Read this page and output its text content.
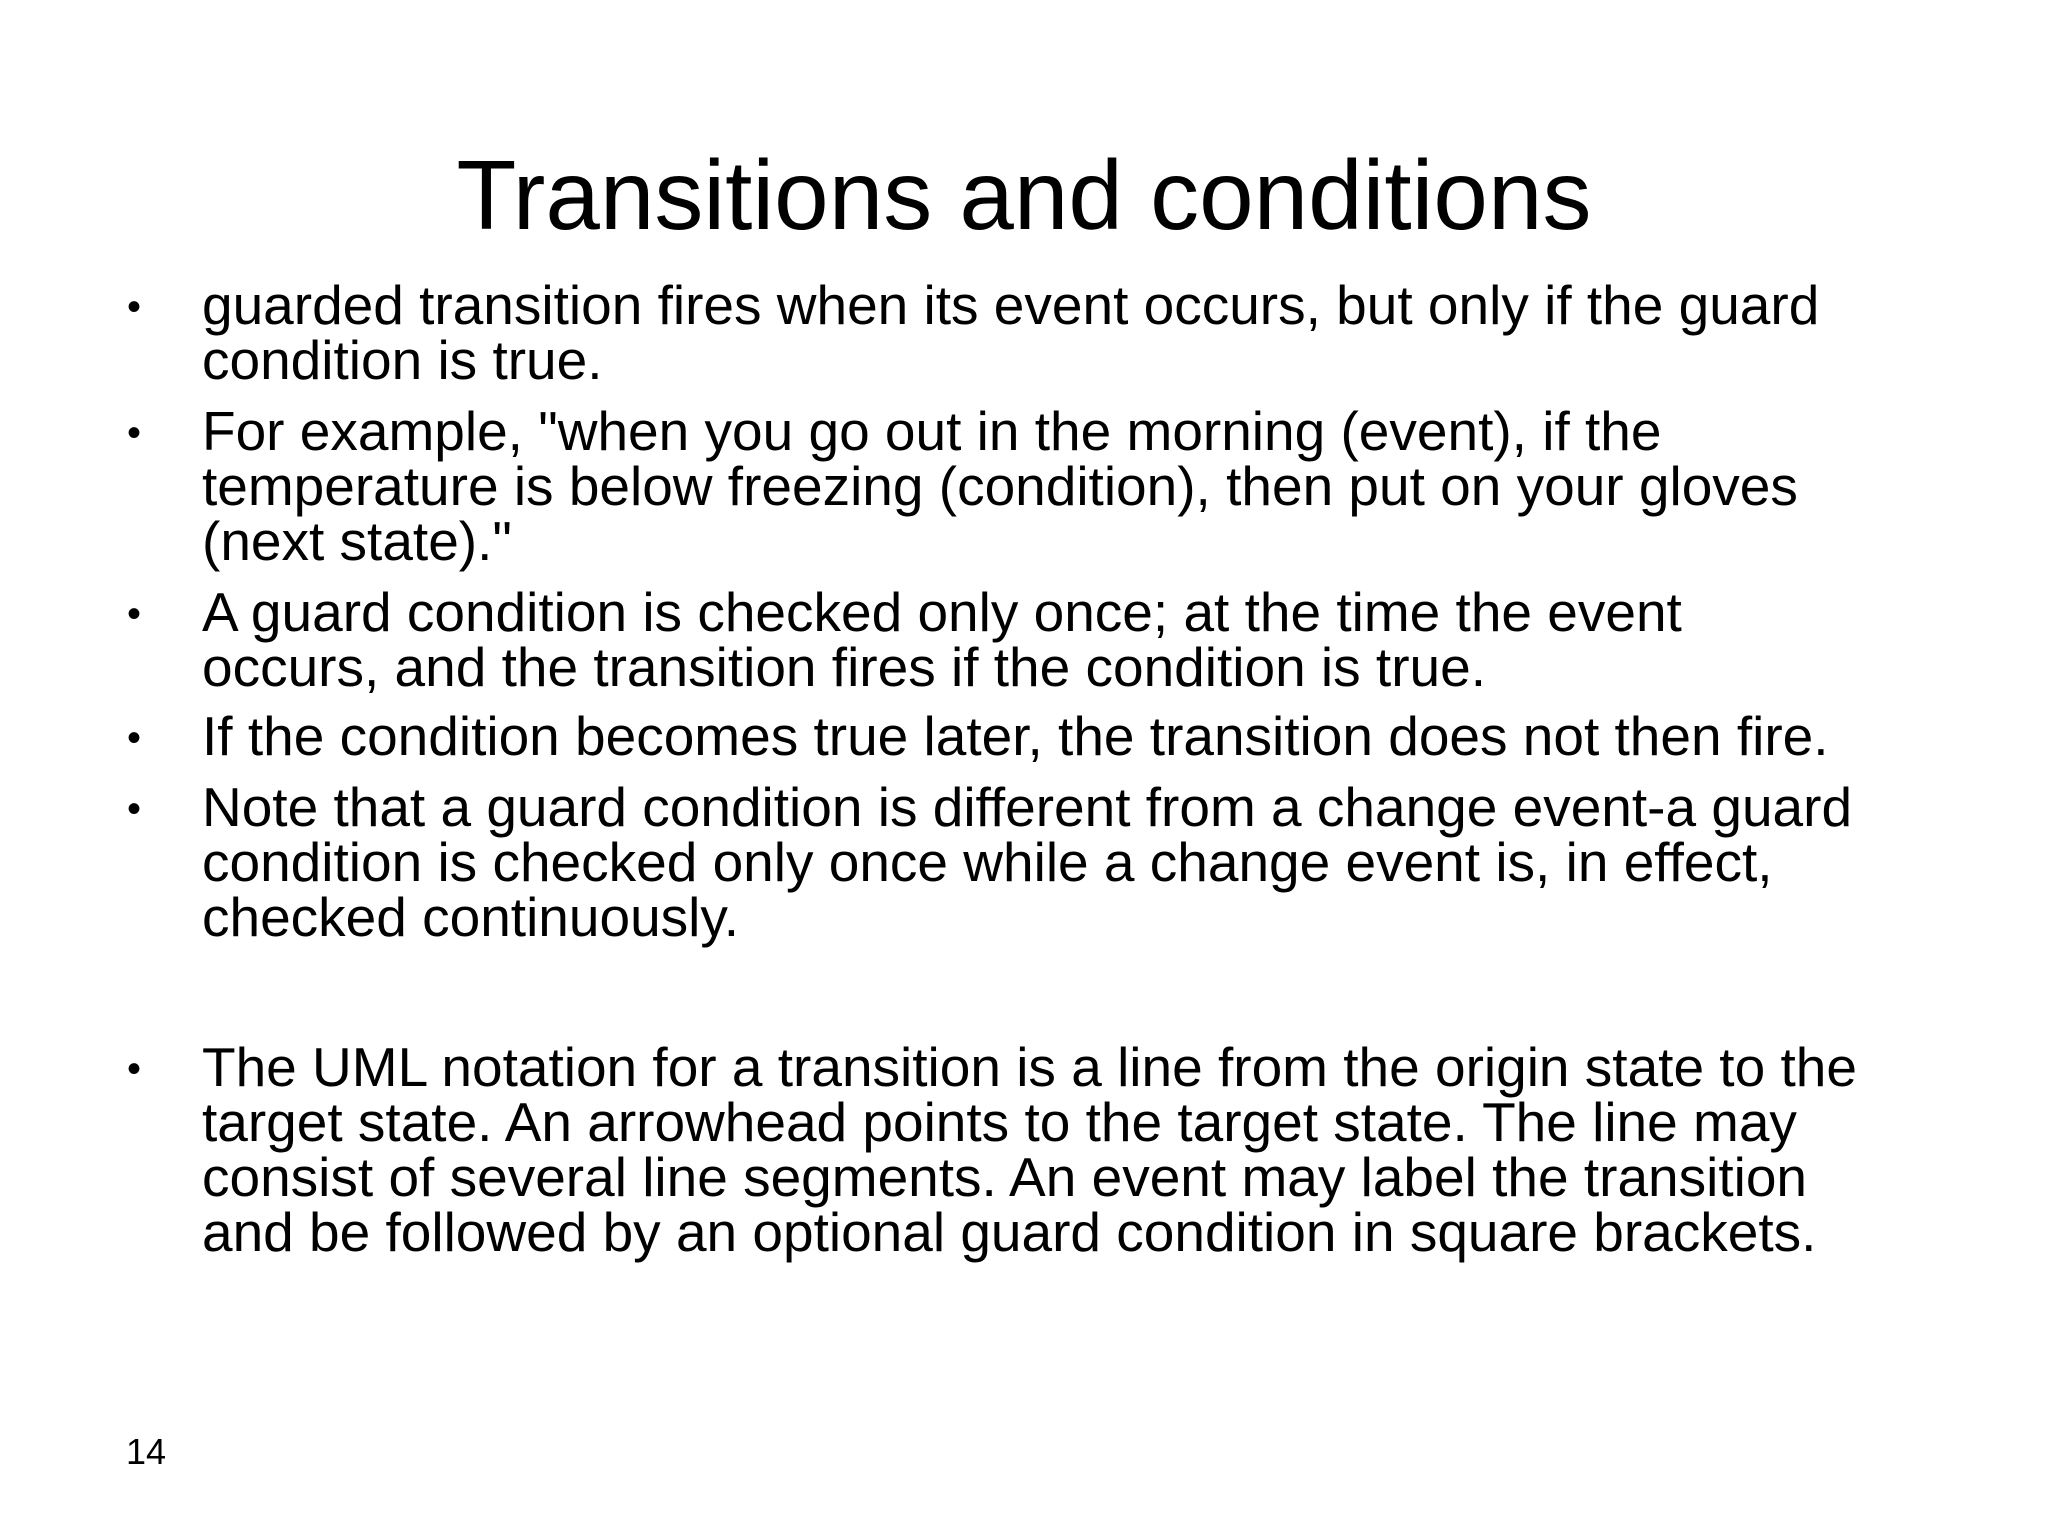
Transitions and conditions
• guarded transition fires when its event occurs, but only if the guard
condition is true.
• For example, "when you go out in the morning (event), if the
temperature is below freezing (condition), then put on your gloves
(next state)."
• A guard condition is checked only once; at the time the event
occurs, and the transition fires if the condition is true.
• If the condition becomes true later, the transition does not then fire.
• Note that a guard condition is different from a change event-a guard
condition is checked only once while a change event is, in effect,
checked continuously.
• The UML notation for a transition is a line from the origin state to the
target state. An arrowhead points to the target state. The line may
consist of several line segments. An event may label the transition
and be followed by an optional guard condition in square brackets.
14
